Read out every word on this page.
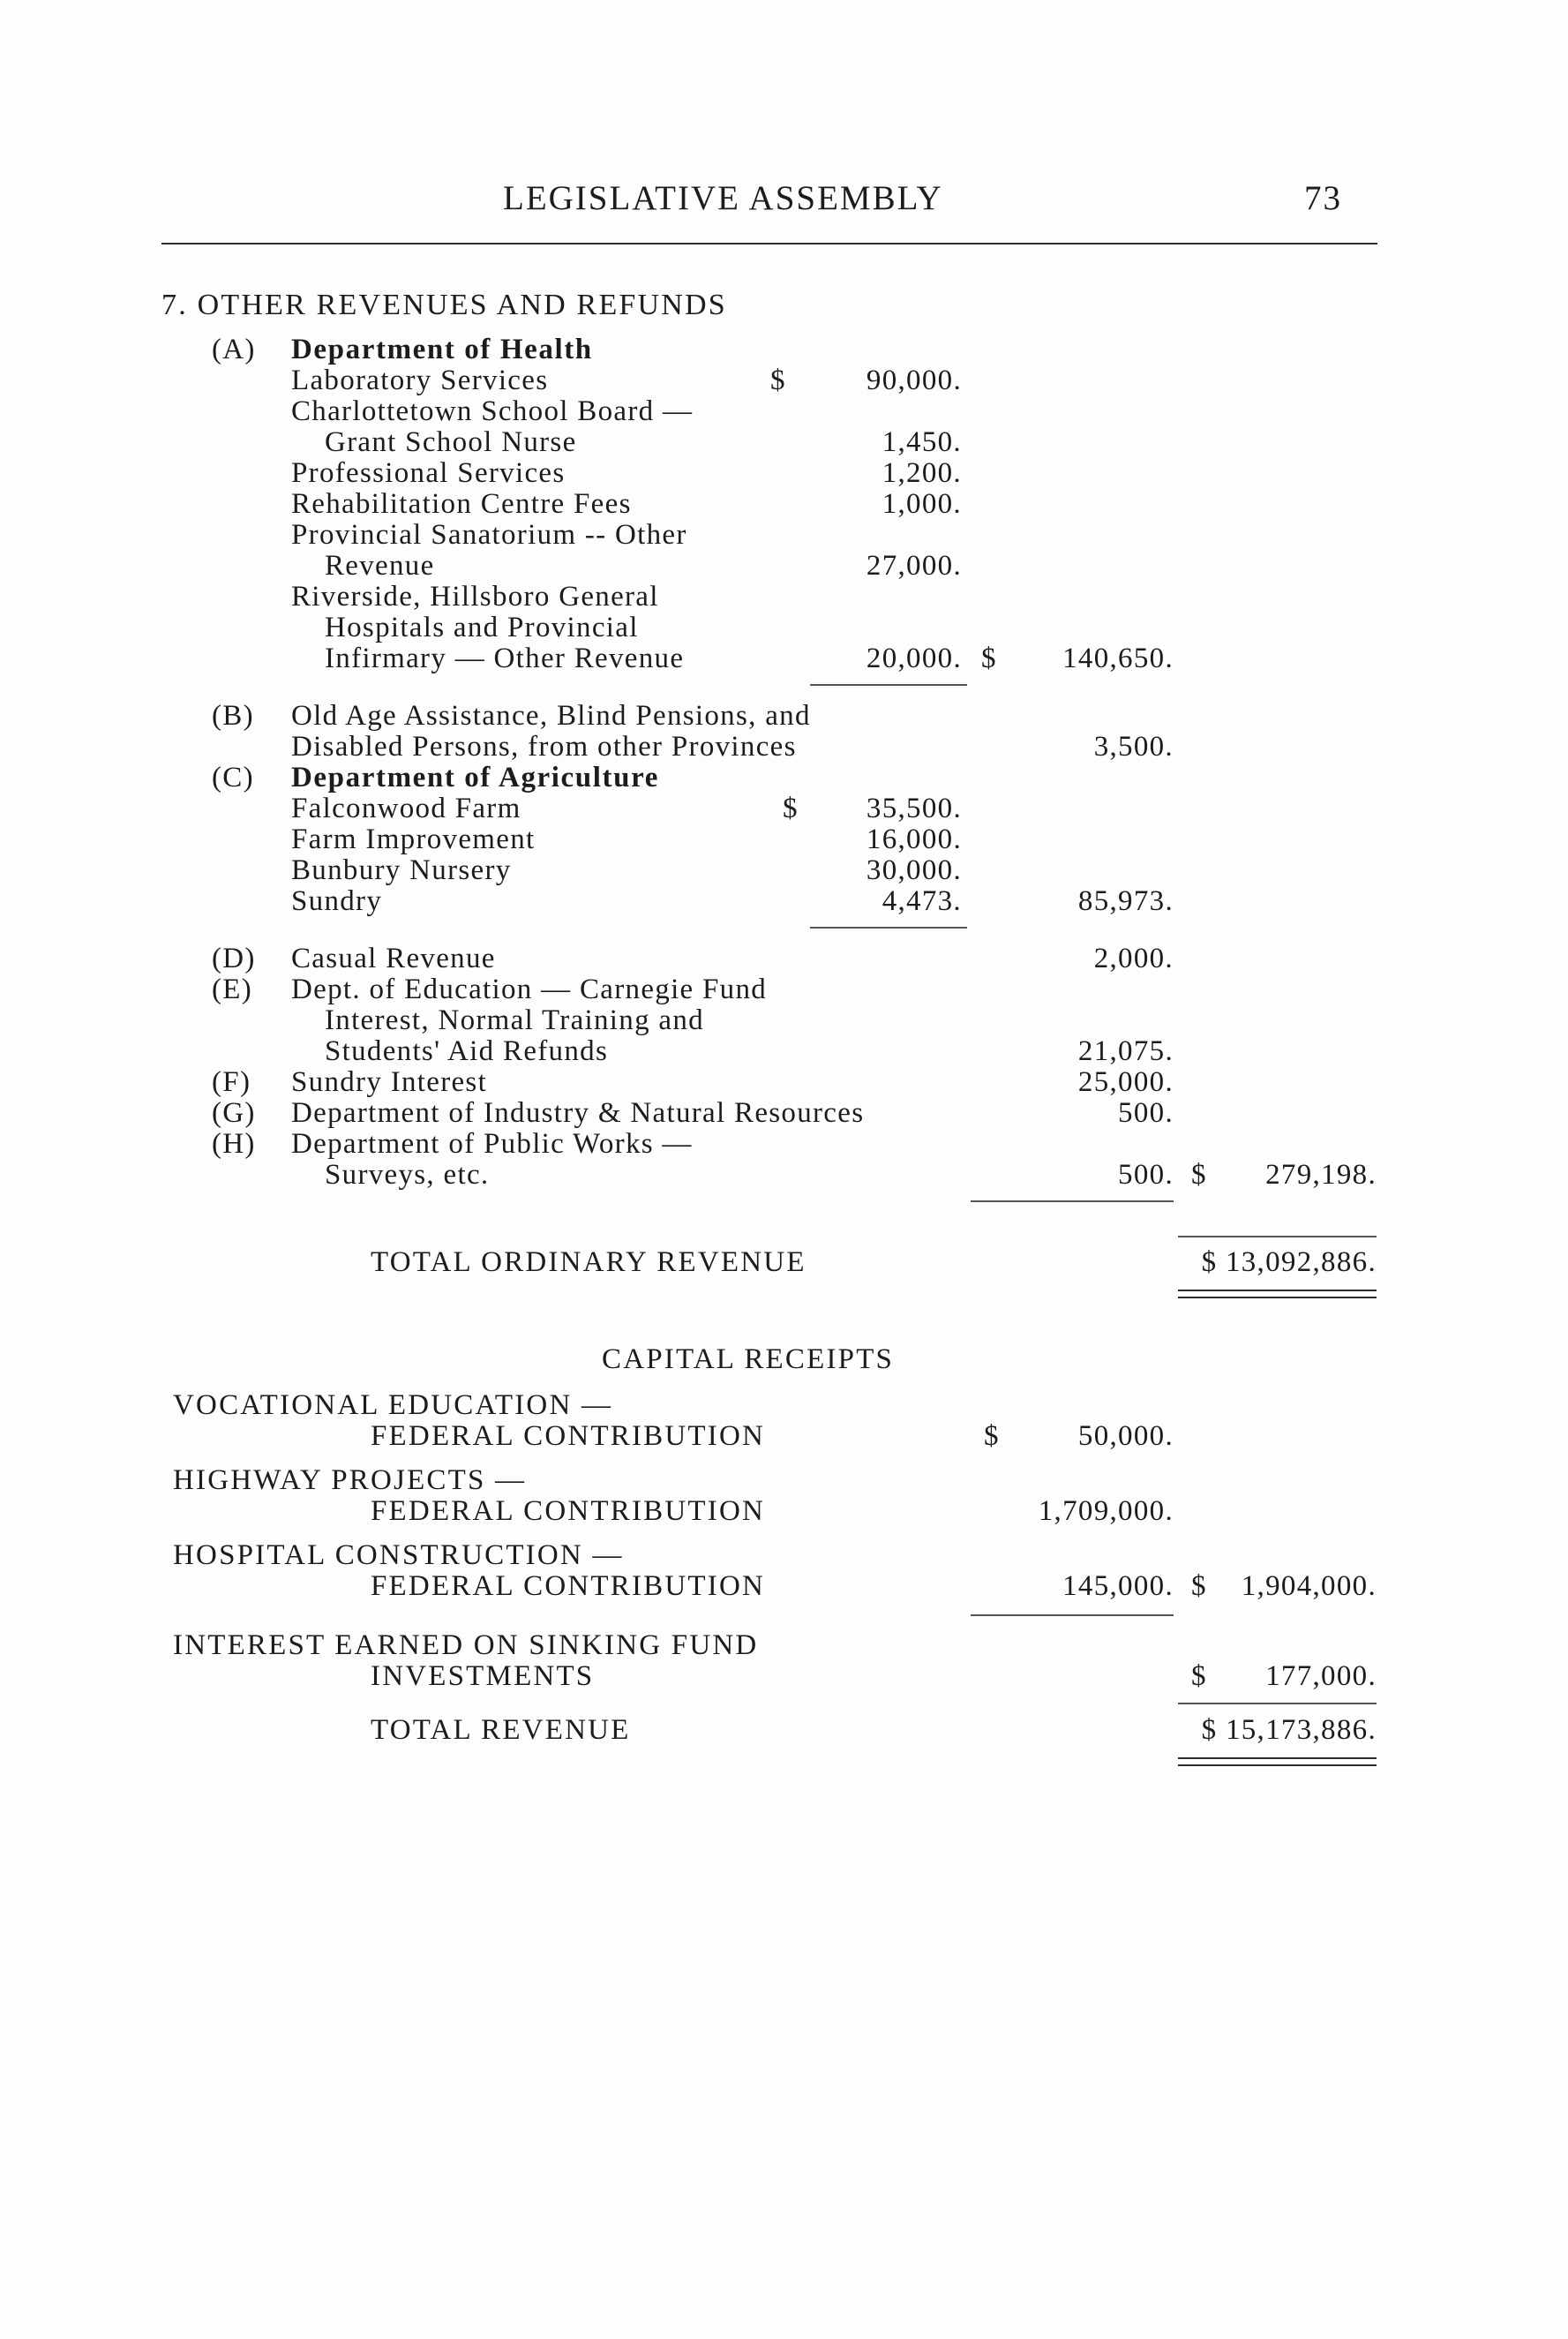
LEGISLATIVE ASSEMBLY	73
7. OTHER REVENUES AND REFUNDS
(A) Department of Health
Laboratory Services	$	90,000.
Charlottetown School Board —
Grant School Nurse	1,450.
Professional Services	1,200.
Rehabilitation Centre Fees	1,000.
Provincial Sanatorium -- Other
Revenue	27,000.
Riverside, Hillsboro General
Hospitals and Provincial
Infirmary — Other Revenue	20,000. $	140,650.
(B) Old Age Assistance, Blind Pensions, and
Disabled Persons, from other Provinces	3,500.
(C) Department of Agriculture
Falconwood Farm	$	35,500.
Farm Improvement	16,000.
Bunbury Nursery	30,000.
Sundry	4,473.	85,973.
(D) Casual Revenue	2,000.
(E) Dept. of Education — Carnegie Fund
Interest, Normal Training and
Students' Aid Refunds	21,075.
(F) Sundry Interest	25,000.
(G) Department of Industry & Natural Resources	500.
(H) Department of Public Works —
Surveys, etc.	500. $	279,198.
TOTAL ORDINARY REVENUE	$ 13,092,886.
CAPITAL RECEIPTS
VOCATIONAL EDUCATION —
FEDERAL CONTRIBUTION	$	50,000.
HIGHWAY PROJECTS —
FEDERAL CONTRIBUTION	1,709,000.
HOSPITAL CONSTRUCTION —
FEDERAL CONTRIBUTION	145,000. $	1,904,000.
INTEREST EARNED ON SINKING FUND
INVESTMENTS	$	177,000.
TOTAL REVENUE	$ 15,173,886.
